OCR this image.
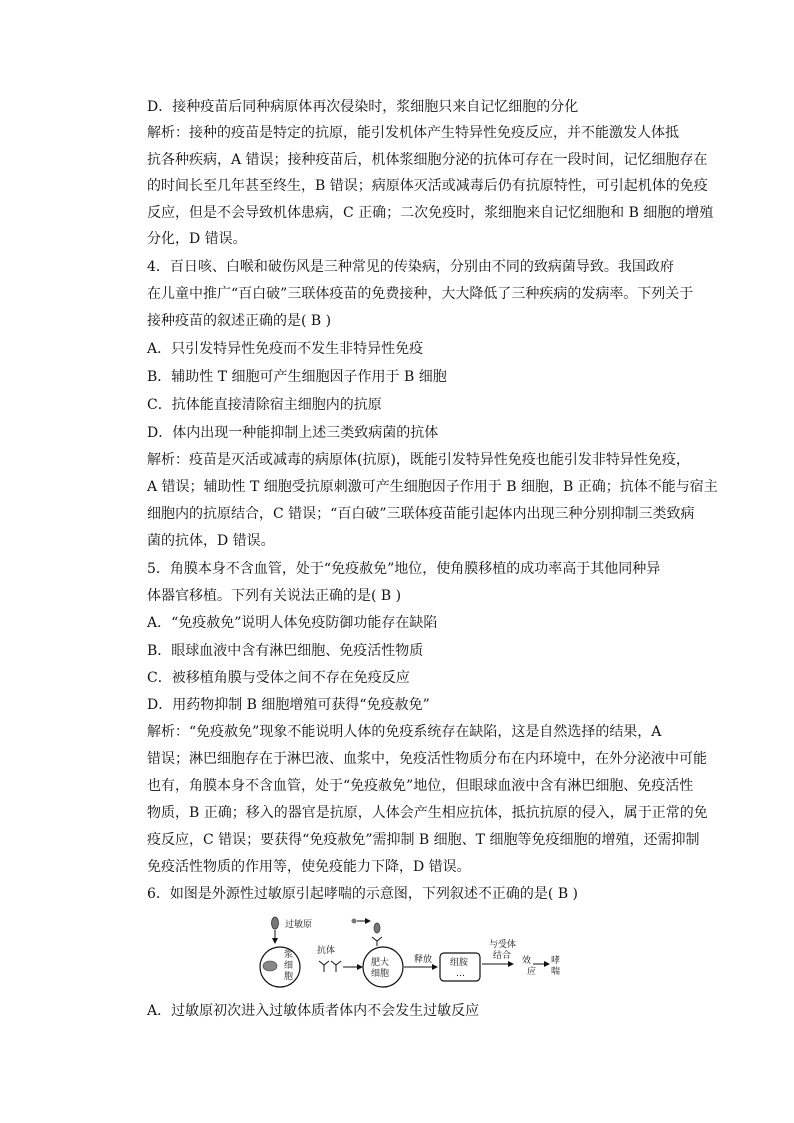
D．接种疫苗后同种病原体再次侵染时，浆细胞只来自记忆细胞的分化
解析：接种的疫苗是特定的抗原，能引发机体产生特异性免疫反应，并不能激发人体抵
抗各种疾病，A 错误；接种疫苗后，机体浆细胞分泌的抗体可存在一段时间，记忆细胞存在
的时间长至几年甚至终生，B 错误；病原体灭活或减毒后仍有抗原特性，可引起机体的免疫
反应，但是不会导致机体患病，C 正确；二次免疫时，浆细胞来自记忆细胞和 B 细胞的增殖
分化，D 错误。
4．百日咳、白喉和破伤风是三种常见的传染病，分别由不同的致病菌导致。我国政府
在儿童中推广“百白破”三联体疫苗的免费接种，大大降低了三种疾病的发病率。下列关于
接种疫苗的叙述正确的是( B )
A．只引发特异性免疫而不发生非特异性免疫
B．辅助性 T 细胞可产生细胞因子作用于 B 细胞
C．抗体能直接清除宿主细胞内的抗原
D．体内出现一种能抑制上述三类致病菌的抗体
解析：疫苗是灭活或减毒的病原体(抗原)，既能引发特异性免疫也能引发非特异性免疫，
A 错误；辅助性 T 细胞受抗原刺激可产生细胞因子作用于 B 细胞，B 正确；抗体不能与宿主
细胞内的抗原结合，C 错误；“百白破”三联体疫苗能引起体内出现三种分别抑制三类致病
菌的抗体，D 错误。
5．角膜本身不含血管，处于“免疫赦免”地位，使角膜移植的成功率高于其他同种异
体器官移植。下列有关说法正确的是( B )
A．“免疫赦免”说明人体免疫防御功能存在缺陷
B．眼球血液中含有淋巴细胞、免疫活性物质
C．被移植角膜与受体之间不存在免疫反应
D．用药物抑制 B 细胞增殖可获得“免疫赦免”
解析：“免疫赦免”现象不能说明人体的免疫系统存在缺陷，这是自然选择的结果，A
错误；淋巴细胞存在于淋巴液、血浆中，免疫活性物质分布在内环境中，在外分泌液中可能
也有，角膜本身不含血管，处于“免疫赦免”地位，但眼球血液中含有淋巴细胞、免疫活性
物质，B 正确；移入的器官是抗原，人体会产生相应抗体，抵抗抗原的侵入，属于正常的免
疫反应，C 错误；要获得“免疫赦免”需抑制 B 细胞、T 细胞等免疫细胞的增殖，还需抑制
免疫活性物质的作用等，使免疫能力下降，D 错误。
6．如图是外源性过敏原引起哮喘的示意图，下列叙述不正确的是( B )
过敏原
浆
细
胞
抗体
肥大
细胞
释放 组胺
…
与受体
结合 效
应
哮
喘
A．过敏原初次进入过敏体质者体内不会发生过敏反应
